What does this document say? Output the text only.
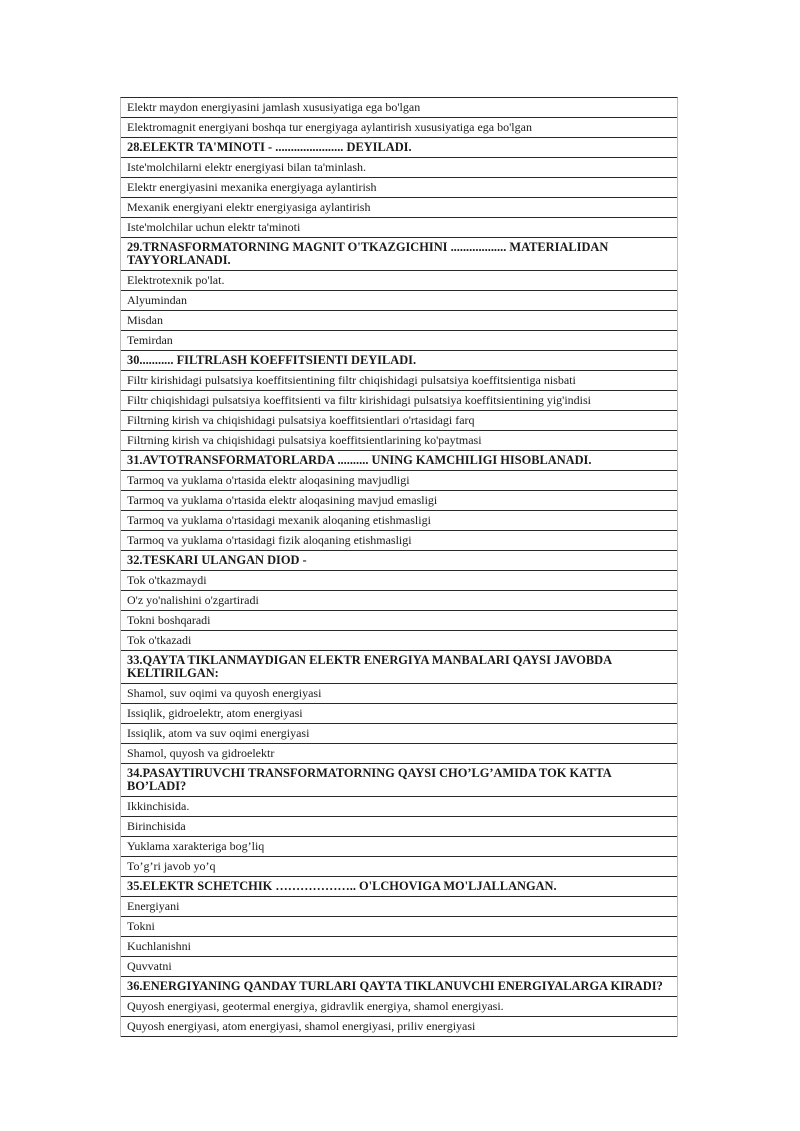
Elektr maydon energiyasini jamlash xususiyatiga ega bo'lgan
Elektromagnit energiyani boshqa tur energiyaga aylantirish xususiyatiga ega bo'lgan
28.ELEKTR TA'MINOTI - ...................... DEYILADI.
Iste'molchilarni elektr energiyasi bilan ta'minlash.
Elektr energiyasini mexanika energiyaga aylantirish
Mexanik energiyani elektr energiyasiga aylantirish
Iste'molchilar uchun elektr ta'minoti
29.TRNASFORMATORNING MAGNIT O'TKAZGICHINI .................. MATERIALIDAN TAYYORLANADI.
Elektrotexnik po'lat.
Alyumindan
Misdan
Temirdan
30........... FILTRLASH KOEFFITSIENTI DEYILADI.
Filtr kirishidagi pulsatsiya koeffitsientining filtr chiqishidagi pulsatsiya koeffitsientiga nisbati
Filtr chiqishidagi pulsatsiya koeffitsienti va filtr kirishidagi pulsatsiya koeffitsientining yig'indisi
Filtrning kirish va chiqishidagi pulsatsiya koeffitsientlari o'rtasidagi farq
Filtrning kirish va chiqishidagi pulsatsiya koeffitsientlarining ko'paytmasi
31.AVTOTRANSFORMATORLARDA .......... UNING KAMCHILIGI HISOBLANADI.
Tarmoq va yuklama o'rtasida elektr aloqasining mavjudligi
Tarmoq va yuklama o'rtasida elektr aloqasining mavjud emasligi
Tarmoq va yuklama o'rtasidagi mexanik aloqaning etishmasligi
Tarmoq va yuklama o'rtasidagi fizik aloqaning etishmasligi
32.TESKARI ULANGAN DIOD -
Tok o'tkazmaydi
O'z yo'nalishini o'zgartiradi
Tokni boshqaradi
Tok o'tkazadi
33.QAYTA TIKLANMAYDIGAN ELEKTR ENERGIYA MANBALARI QAYSI JAVOBDA KELTIRILGAN:
Shamol, suv oqimi va quyosh energiyasi
Issiqlik, gidroelektr, atom energiyasi
Issiqlik, atom va suv oqimi energiyasi
Shamol, quyosh va gidroelektr
34.PASAYTIRUVCHI TRANSFORMATORNING QAYSI CHO’LG’AMIDA TOK KATTA BO’LADI?
Ikkinchisida.
Birinchisida
Yuklama xarakteriga bog’liq
To’g’ri javob yo’q
35.ELEKTR SCHETCHIK ……………….. O'LCHOVIGA MO'LJALLANGAN.
Energiyani
Tokni
Kuchlanishni
Quvvatni
36.ENERGIYANING QANDAY TURLARI QAYTA TIKLANUVCHI ENERGIYALARGA KIRADI?
Quyosh energiyasi, geotermal energiya, gidravlik energiya, shamol energiyasi.
Quyosh energiyasi, atom energiyasi, shamol energiyasi, priliv energiyasi
